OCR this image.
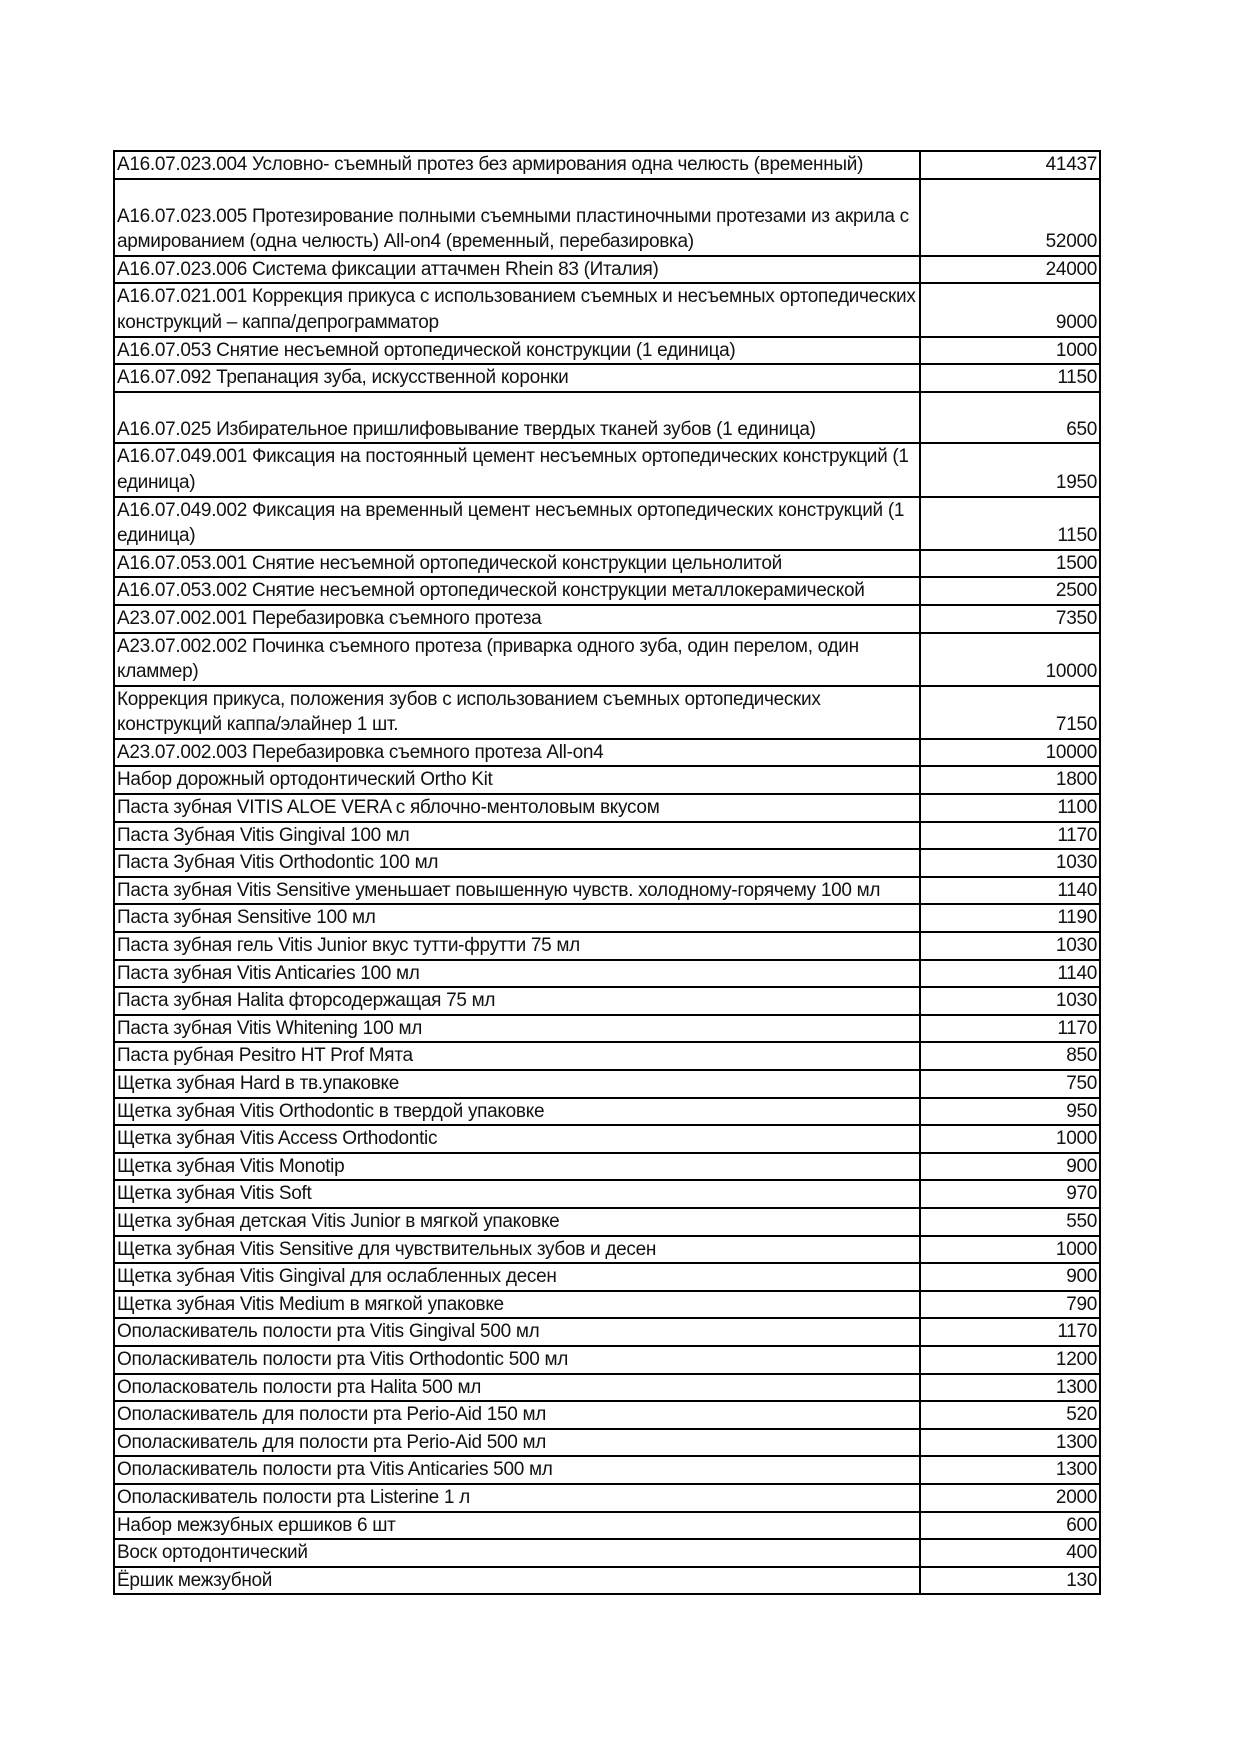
А16.07.023.004 Условно- съемный протез без армирования одна челюсть (временный)	41437
А16.07.023.005 Протезирование полными съемными пластиночными протезами из акрила с армированием (одна челюсть) All-on4 (временный, перебазировка)	52000
А16.07.023.006 Система фиксации аттачмен Rhein 83 (Италия)	24000
А16.07.021.001 Коррекция прикуса с использованием съемных и несъемных ортопедических конструкций – каппа/депрограмматор	9000
А16.07.053 Снятие несъемной ортопедической конструкции (1 единица)	1000
А16.07.092 Трепанация зуба, искусственной коронки	1150
А16.07.025 Избирательное пришлифовывание твердых тканей зубов (1 единица)	650
А16.07.049.001 Фиксация на постоянный цемент несъемных ортопедических конструкций (1 единица)	1950
А16.07.049.002 Фиксация на временный цемент несъемных ортопедических конструкций (1 единица)	1150
А16.07.053.001 Снятие несъемной ортопедической конструкции цельнолитой	1500
А16.07.053.002 Снятие несъемной ортопедической конструкции металлокерамической	2500
А23.07.002.001 Перебазировка съемного протеза	7350
А23.07.002.002 Починка съемного протеза (приварка одного зуба, один перелом, один кламмер)	10000
Коррекция прикуса, положения зубов с использованием съемных ортопедических конструкций каппа/элайнер 1 шт.	7150
А23.07.002.003 Перебазировка съемного протеза All-on4	10000
Набор дорожный ортодонтический Ortho Kit	1800
Паста зубная VITIS ALOE VERA с яблочно-ментоловым вкусом	1100
Паста Зубная Vitis Gingival 100 мл	1170
Паста Зубная Vitis Orthodontic 100 мл	1030
Паста зубная Vitis Sensitive уменьшает повышенную чувств. холодному-горячему 100 мл	1140
Паста зубная Sensitive 100 мл	1190
Паста зубная гель Vitis Junior вкус тутти-фрутти 75 мл	1030
Паста зубная Vitis Anticaries 100 мл	1140
Паста зубная Halita фторсодержащая 75 мл	1030
Паста зубная Vitis Whitening 100 мл	1170
Паста рубная Pesitro HT Prof Мята	850
Щетка зубная Hard в тв.упаковке	750
Щетка зубная Vitis Orthodontic в твердой упаковке	950
Щетка зубная Vitis Access Orthodontic	1000
Щетка зубная Vitis Monotip	900
Щетка зубная Vitis Soft	970
Щетка зубная детская Vitis Junior в мягкой упаковке	550
Щетка зубная Vitis Sensitive для чувствительных зубов и десен	1000
Щетка зубная Vitis Gingival для ослабленных десен	900
Щетка зубная Vitis Medium в мягкой упаковке	790
Ополаскиватель полости рта Vitis Gingival 500 мл	1170
Ополаскиватель полости рта Vitis Orthodontic 500 мл	1200
Ополаскователь полости рта Halita 500 мл	1300
Ополаскиватель для полости рта Perio-Aid 150 мл	520
Ополаскиватель для полости рта Perio-Aid 500 мл	1300
Ополаскиватель полости рта Vitis Anticaries 500 мл	1300
Ополаскиватель полости рта Listerine 1 л	2000
Набор межзубных ершиков 6 шт	600
Воск ортодонтический	400
Ёршик межзубной	130
